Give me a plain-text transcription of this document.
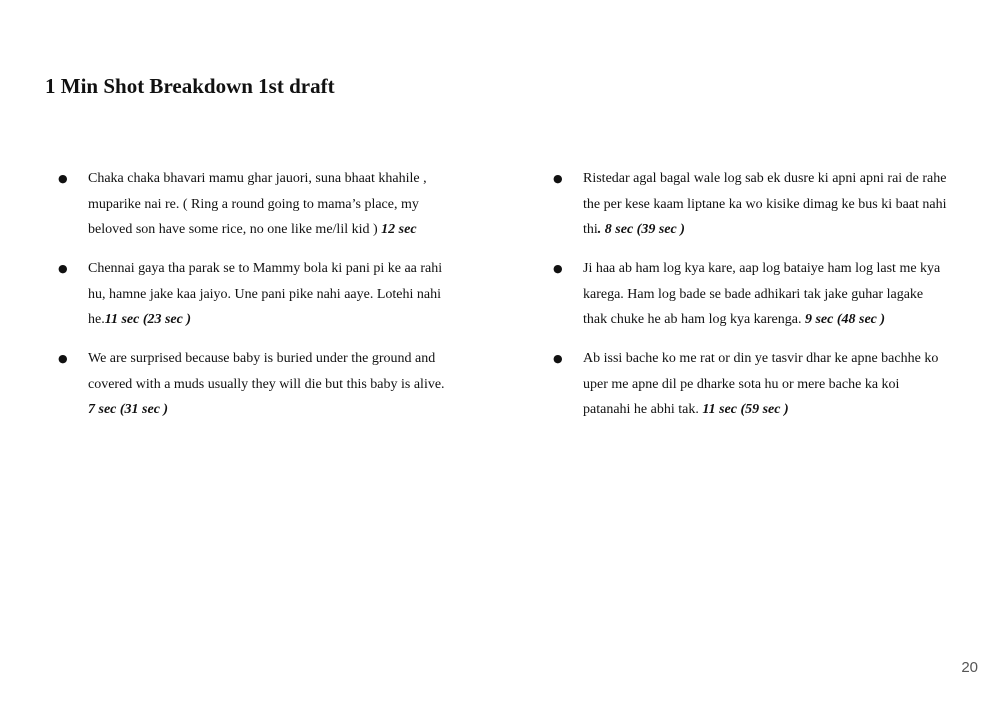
1 Min Shot Breakdown 1st draft
● Chaka chaka bhavari mamu ghar jauori, suna bhaat khahile ,
muparike nai re. ( Ring a round going to mama’s place, my
beloved son have some rice, no one like me/lil kid ) 12 sec
● Chennai gaya tha parak se to Mammy bola ki pani pi ke aa rahi
hu, hamne jake kaa jaiyo. Une pani pike nahi aaye. Lotehi nahi
he.11 sec (23 sec )
● We are surprised because baby is buried under the ground and
covered with a muds usually they will die but this baby is alive.
7 sec (31 sec )
● Ristedar agal bagal wale log sab ek dusre ki apni apni rai de rahe
the per kese kaam liptane ka wo kisike dimag ke bus ki baat nahi
thi. 8 sec (39 sec )
● Ji haa ab ham log kya kare, aap log bataiye ham log last me kya
karega. Ham log bade se bade adhikari tak jake guhar lagake
thak chuke he ab ham log kya karenga. 9 sec (48 sec )
● Ab issi bache ko me rat or din ye tasvir dhar ke apne bachhe ko
uper me apne dil pe dharke sota hu or mere bache ka koi
patanahi he abhi tak. 11 sec (59 sec )
20
